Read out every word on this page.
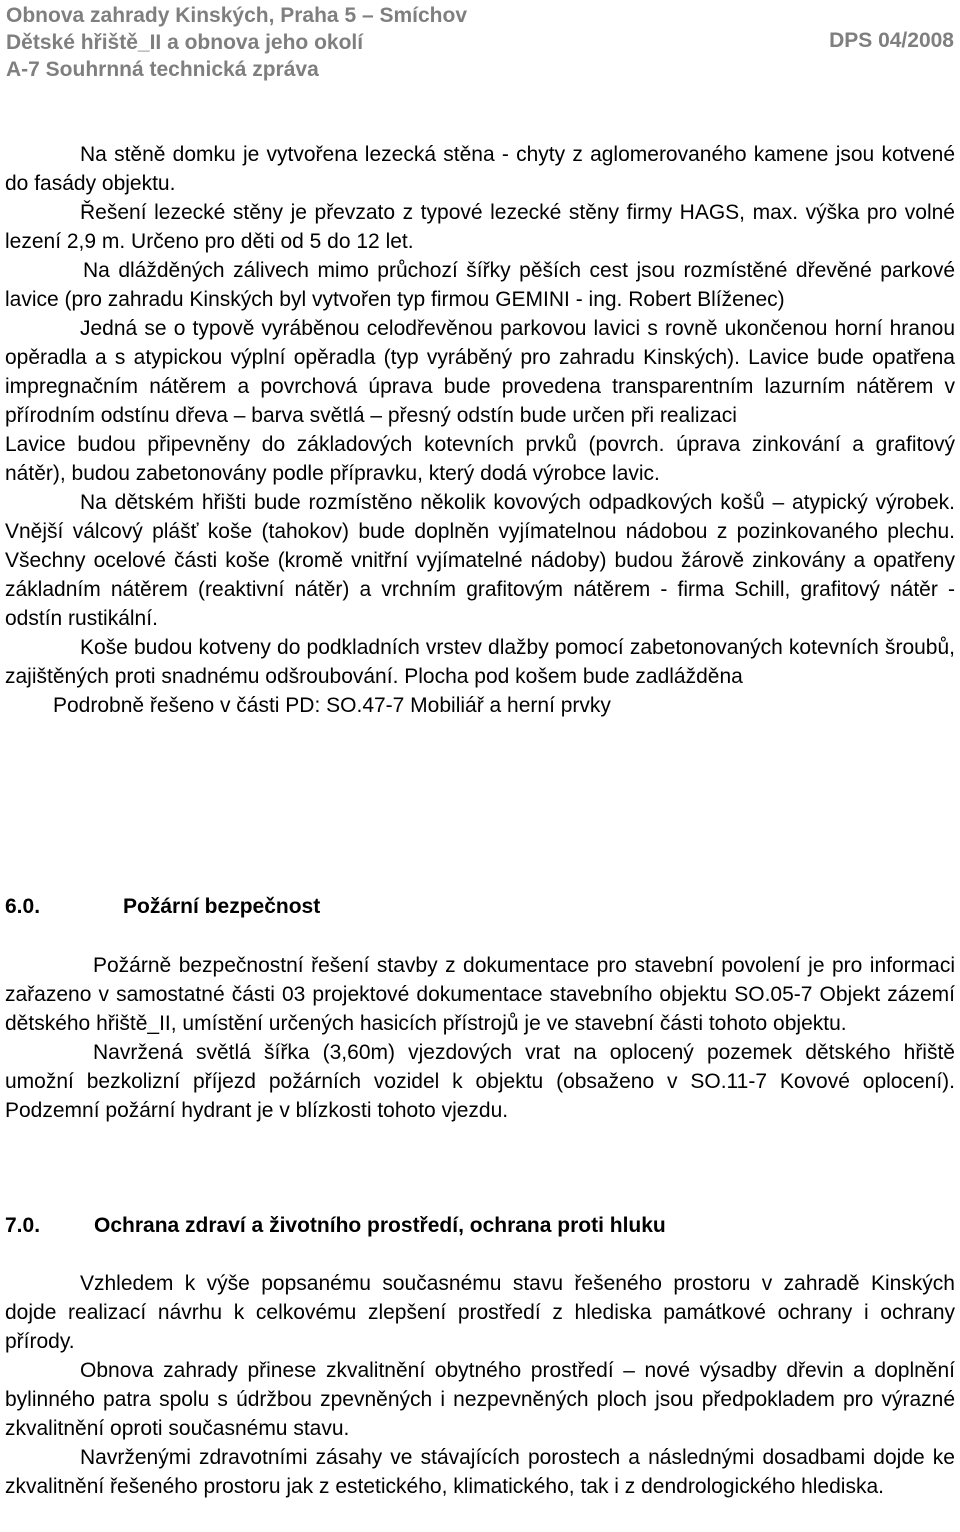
Obnova zahrady Kinských, Praha 5 – Smíchov
Dětské hřiště_II a obnova jeho okolí
A-7 Souhrnná technická zpráva
DPS 04/2008

Na stěně domku je vytvořena lezecká stěna - chyty z aglomerovaného kamene jsou kotvené do fasády objektu.

Řešení lezecké stěny je převzato z typové lezecké stěny firmy HAGS, max. výška pro volné lezení 2,9 m. Určeno pro děti od 5 do 12 let.

Na dlážděných zálivech mimo průchozí šířky pěších cest jsou rozmístěné dřevěné parkové lavice (pro zahradu Kinských byl vytvořen typ firmou GEMINI - ing. Robert Blíženec)

Jedná se o typově vyráběnou celodřevěnou parkovou lavici s rovně ukončenou horní hranou opěradla a s atypickou výplní opěradla (typ vyráběný pro zahradu Kinských). Lavice bude opatřena impregnačním nátěrem a povrchová úprava bude provedena transparentním lazurním nátěrem v přírodním odstínu dřeva – barva světlá – přesný odstín bude určen při realizaci

Lavice budou připevněny do základových kotevních prvků (povrch. úprava zinkování a grafitový nátěr), budou zabetonovány podle přípravku, který dodá výrobce lavic.

Na dětském hřišti bude rozmístěno několik kovových odpadkových košů – atypický výrobek. Vnější válcový plášť koše (tahokov) bude doplněn vyjímatelnou nádobou z pozinkovaného plechu. Všechny ocelové části koše (kromě vnitřní vyjímatelné nádoby) budou žárově zinkovány a opatřeny základním nátěrem (reaktivní nátěr) a vrchním grafitovým nátěrem - firma Schill, grafitový nátěr - odstín rustikální.

Koše budou kotveny do podkladních vrstev dlažby pomocí zabetonovaných kotevních šroubů, zajištěných proti snadnému odšroubování. Plocha pod košem bude zadlážděna

Podrobně řešeno v části PD: SO.47-7 Mobiliář a herní prvky

6.0.	Požární bezpečnost

Požárně bezpečnostní řešení stavby z dokumentace pro stavební povolení je pro informaci zařazeno v samostatné části 03 projektové dokumentace stavebního objektu SO.05-7 Objekt zázemí dětského hřiště_II, umístění určených hasicích přístrojů je ve stavební části tohoto objektu.

Navržená světlá šířka (3,60m) vjezdových vrat na oplocený pozemek dětského hřiště umožní bezkolizní příjezd požárních vozidel k objektu (obsaženo v SO.11-7 Kovové oplocení). Podzemní požární hydrant je v blízkosti tohoto vjezdu.

7.0.	Ochrana zdraví a životního prostředí, ochrana proti hluku

Vzhledem k výše popsanému současnému stavu řešeného prostoru v zahradě Kinských dojde realizací návrhu k celkovému zlepšení prostředí z hlediska památkové ochrany i ochrany přírody.

Obnova zahrady přinese zkvalitnění obytného prostředí – nové výsadby dřevin a doplnění bylinného patra spolu s údržbou zpevněných i nezpevněných ploch jsou předpokladem pro výrazné zkvalitnění oproti současnému stavu.

Navrženými zdravotními zásahy ve stávajících porostech a následnými dosadbami dojde ke zkvalitnění řešeného prostoru jak z estetického, klimatického, tak i z dendrologického hlediska.
